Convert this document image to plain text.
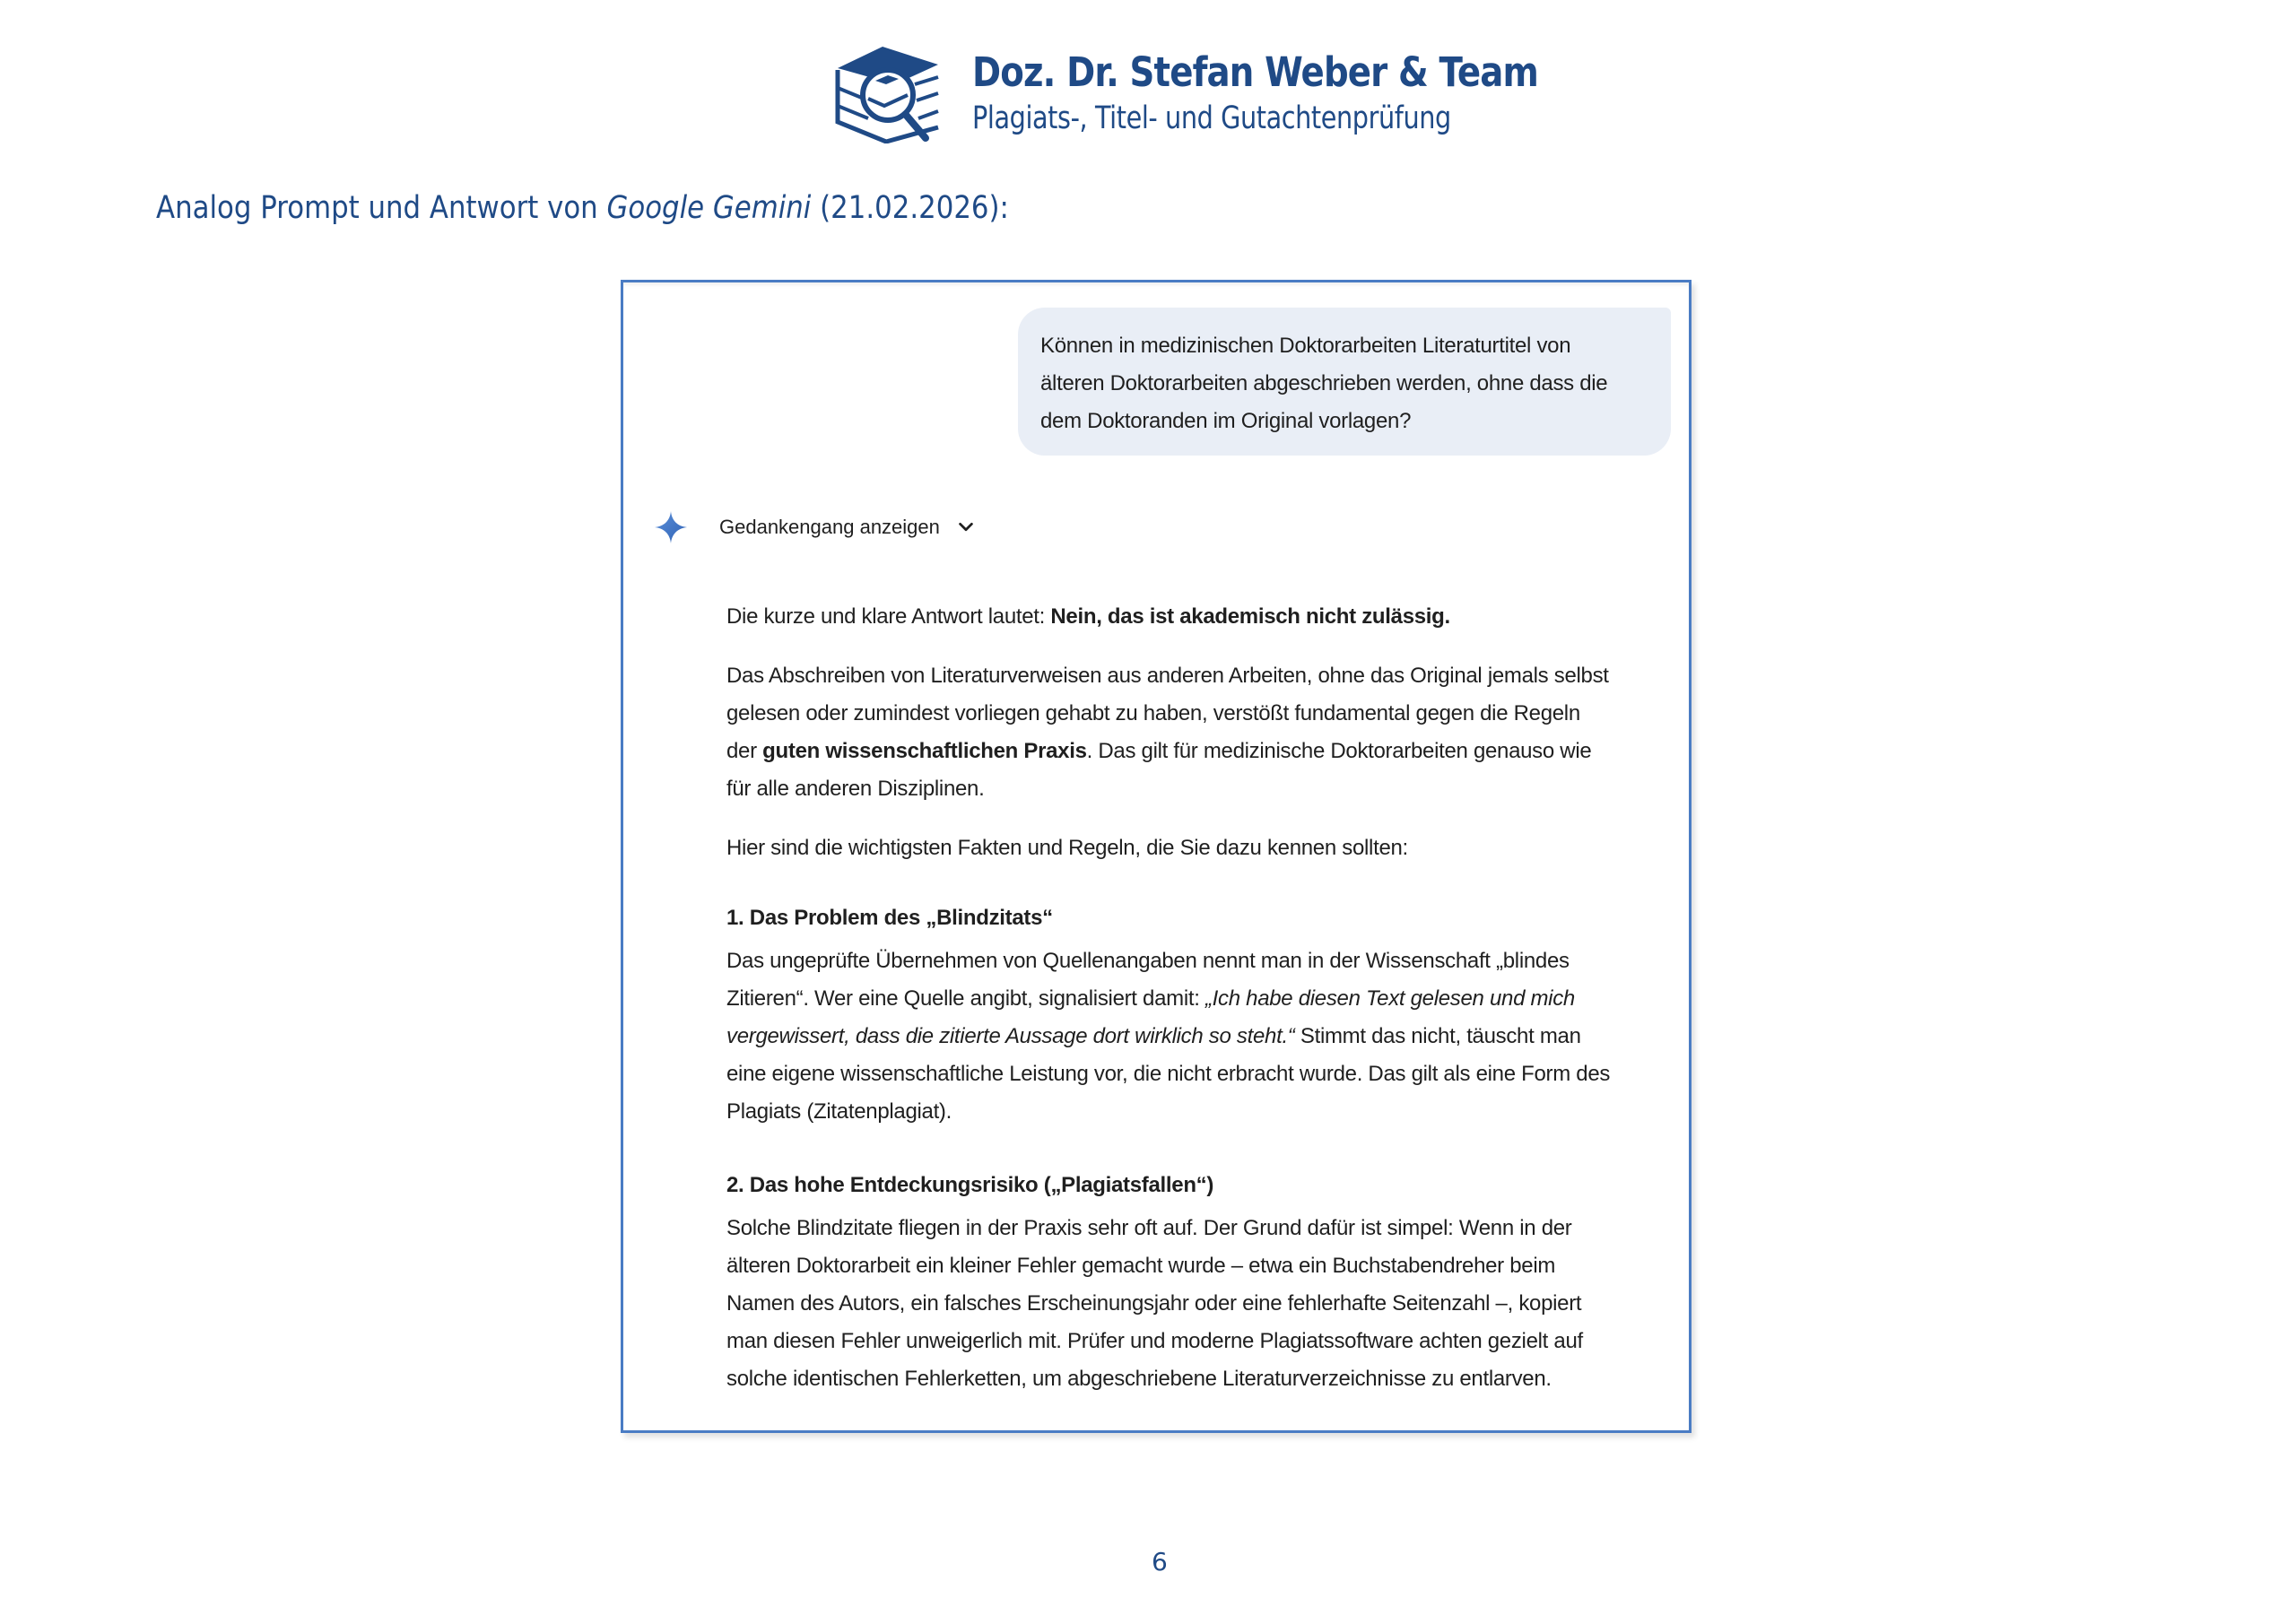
Doz. Dr. Stefan Weber & Team
Plagiats-, Titel- und Gutachtenprüfung
Analog Prompt und Antwort von Google Gemini (21.02.2026):

Können in medizinischen Doktorarbeiten Literaturtitel von

älteren Doktorarbeiten abgeschrieben werden, ohne dass die

dem Doktoranden im Original vorlagen?

Gedankengang anzeigen

Die kurze und klare Antwort lautet: Nein, das ist akademisch nicht zulässig.

Das Abschreiben von Literaturverweisen aus anderen Arbeiten, ohne das Original jemals selbst
gelesen oder zumindest vorliegen gehabt zu haben, verstößt fundamental gegen die Regeln
der guten wissenschaftlichen Praxis. Das gilt für medizinische Doktorarbeiten genauso wie
für alle anderen Disziplinen.

Hier sind die wichtigsten Fakten und Regeln, die Sie dazu kennen sollten:

1. Das Problem des „Blindzitats“

Das ungeprüfte Übernehmen von Quellenangaben nennt man in der Wissenschaft „blindes
Zitieren“. Wer eine Quelle angibt, signalisiert damit: „Ich habe diesen Text gelesen und mich
vergewissert, dass die zitierte Aussage dort wirklich so steht.“ Stimmt das nicht, täuscht man
eine eigene wissenschaftliche Leistung vor, die nicht erbracht wurde. Das gilt als eine Form des
Plagiats (Zitatenplagiat).

2. Das hohe Entdeckungsrisiko („Plagiatsfallen“)

Solche Blindzitate fliegen in der Praxis sehr oft auf. Der Grund dafür ist simpel: Wenn in der
älteren Doktorarbeit ein kleiner Fehler gemacht wurde – etwa ein Buchstabendreher beim
Namen des Autors, ein falsches Erscheinungsjahr oder eine fehlerhafte Seitenzahl –, kopiert
man diesen Fehler unweigerlich mit. Prüfer und moderne Plagiatssoftware achten gezielt auf
solche identischen Fehlerketten, um abgeschriebene Literaturverzeichnisse zu entlarven.

6
